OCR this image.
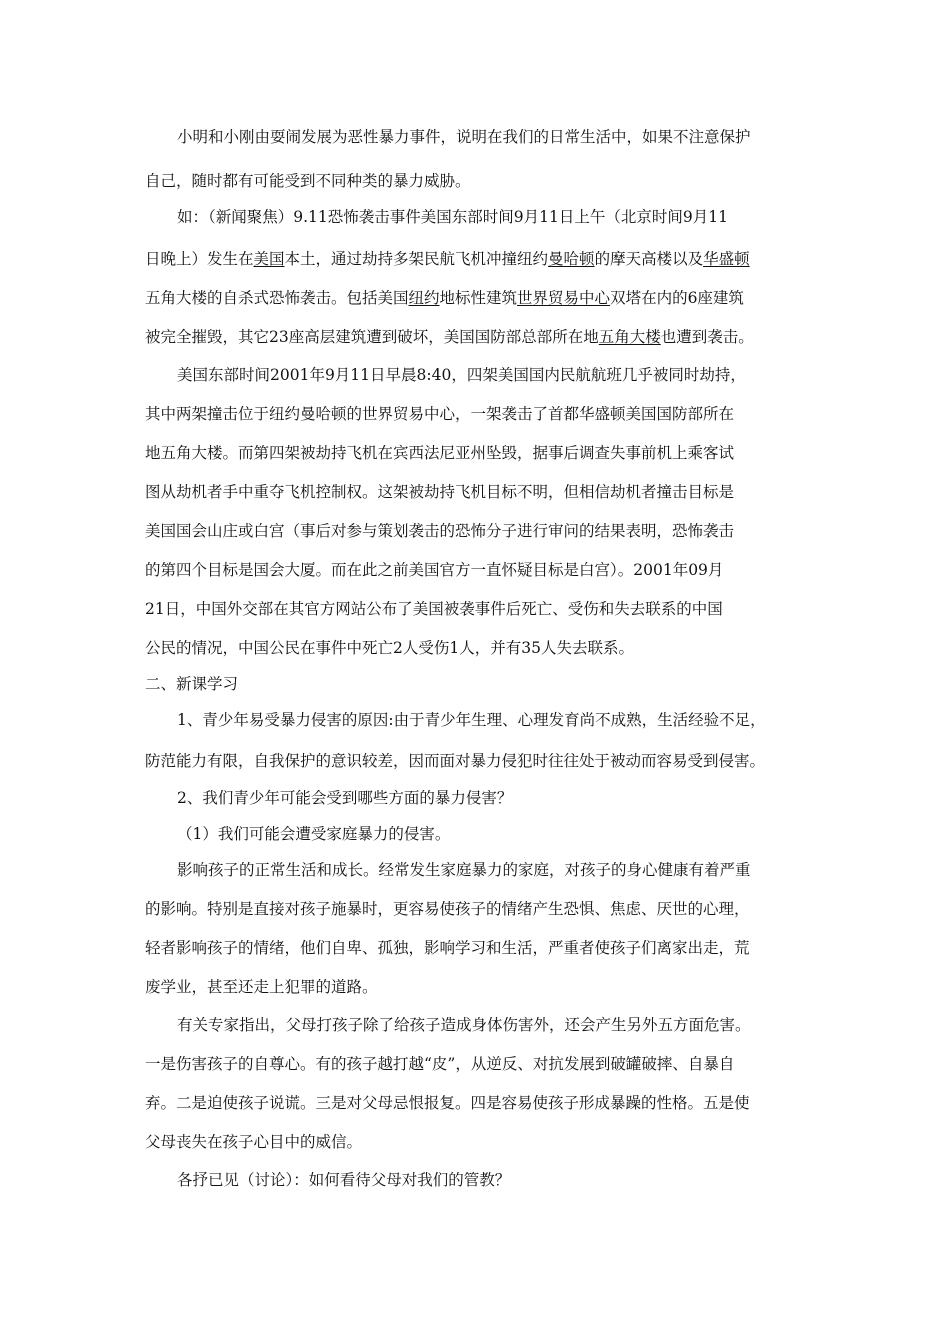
小明和小刚由耍闹发展为恶性暴力事件，说明在我们的日常生活中，如果不注意保护
自己，随时都有可能受到不同种类的暴力威胁。
如：（新闻聚焦）9.11恐怖袭击事件美国东部时间9月11日上午（北京时间9月11
日晚上）发生在美国本土，通过劫持多架民航飞机冲撞纽约曼哈顿的摩天高楼以及华盛顿
五角大楼的自杀式恐怖袭击。包括美国纽约地标性建筑世界贸易中心双塔在内的6座建筑
被完全摧毁，其它23座高层建筑遭到破坏，美国国防部总部所在地五角大楼也遭到袭击。
美国东部时间2001年9月11日早晨8:40，四架美国国内民航航班几乎被同时劫持，
其中两架撞击位于纽约曼哈顿的世界贸易中心，一架袭击了首都华盛顿美国国防部所在
地五角大楼。而第四架被劫持飞机在宾西法尼亚州坠毁，据事后调查失事前机上乘客试
图从劫机者手中重夺飞机控制权。这架被劫持飞机目标不明，但相信劫机者撞击目标是
美国国会山庄或白宫（事后对参与策划袭击的恐怖分子进行审问的结果表明，恐怖袭击
的第四个目标是国会大厦。而在此之前美国官方一直怀疑目标是白宫）。2001年09月
21日，中国外交部在其官方网站公布了美国被袭事件后死亡、受伤和失去联系的中国
公民的情况，中国公民在事件中死亡2人受伤1人，并有35人失去联系。
二、新课学习
1、青少年易受暴力侵害的原因:由于青少年生理、心理发育尚不成熟，生活经验不足，
防范能力有限，自我保护的意识较差，因而面对暴力侵犯时往往处于被动而容易受到侵害。
2、我们青少年可能会受到哪些方面的暴力侵害？
（1）我们可能会遭受家庭暴力的侵害。
影响孩子的正常生活和成长。经常发生家庭暴力的家庭，对孩子的身心健康有着严重
的影响。特别是直接对孩子施暴时，更容易使孩子的情绪产生恐惧、焦虑、厌世的心理，
轻者影响孩子的情绪，他们自卑、孤独，影响学习和生活，严重者使孩子们离家出走，荒
废学业，甚至还走上犯罪的道路。
有关专家指出，父母打孩子除了给孩子造成身体伤害外，还会产生另外五方面危害。
一是伤害孩子的自尊心。有的孩子越打越“皮”，从逆反、对抗发展到破罐破摔、自暴自
弃。二是迫使孩子说谎。三是对父母忌恨报复。四是容易使孩子形成暴躁的性格。五是使
父母丧失在孩子心目中的威信。
各抒已见（讨论）：如何看待父母对我们的管教？
